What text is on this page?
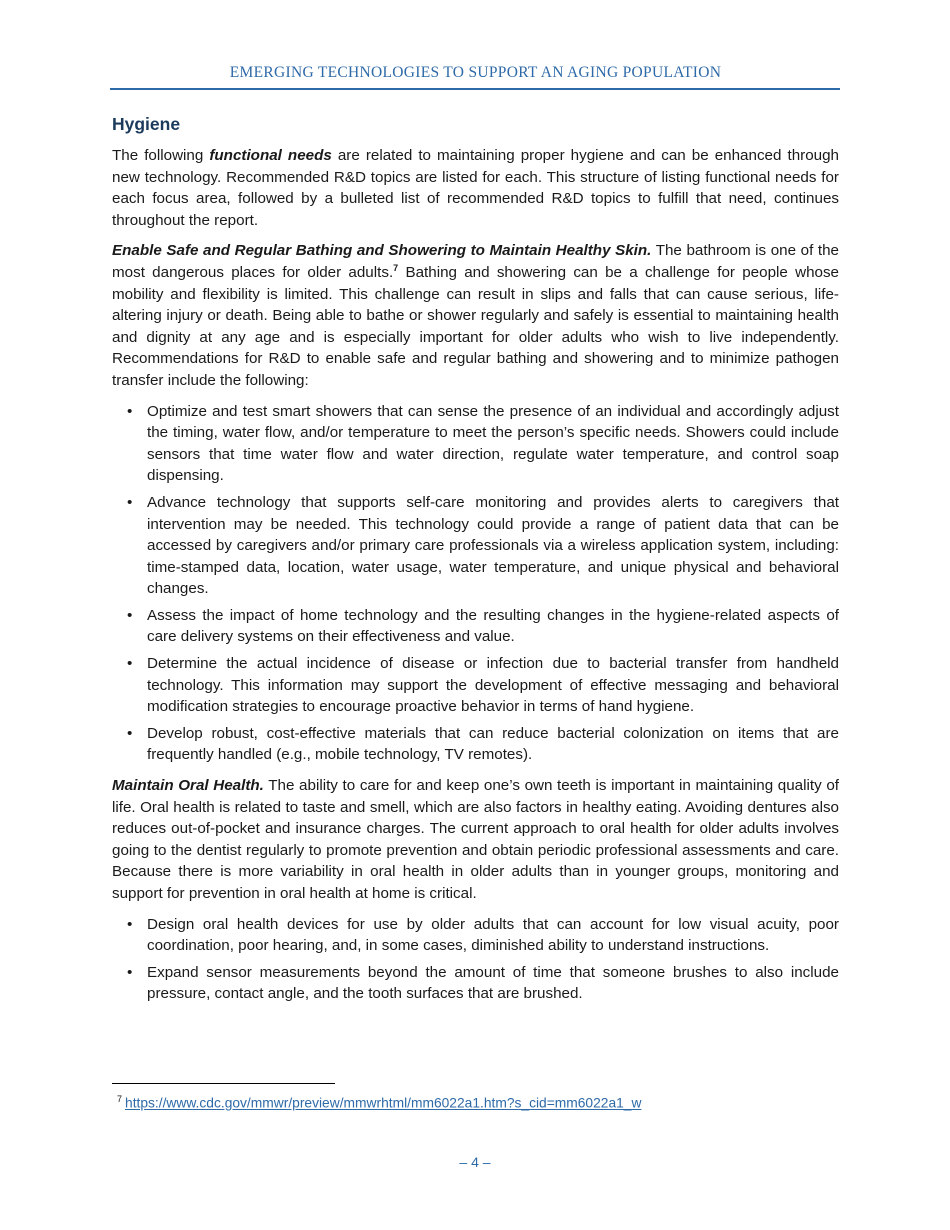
EMERGING TECHNOLOGIES TO SUPPORT AN AGING POPULATION
Hygiene

The following functional needs are related to maintaining proper hygiene and can be enhanced through new technology. Recommended R&D topics are listed for each. This structure of listing functional needs for each focus area, followed by a bulleted list of recommended R&D topics to fulfill that need, continues throughout the report.

Enable Safe and Regular Bathing and Showering to Maintain Healthy Skin. The bathroom is one of the most dangerous places for older adults.$^7$ Bathing and showering can be a challenge for people whose mobility and flexibility is limited. This challenge can result in slips and falls that can cause serious, life-altering injury or death. Being able to bathe or shower regularly and safely is essential to maintaining health and dignity at any age and is especially important for older adults who wish to live independently. Recommendations for R&D to enable safe and regular bathing and showering and to minimize pathogen transfer include the following:

• Optimize and test smart showers that can sense the presence of an individual and accordingly adjust the timing, water flow, and/or temperature to meet the person’s specific needs. Showers could include sensors that time water flow and water direction, regulate water temperature, and control soap dispensing.
• Advance technology that supports self-care monitoring and provides alerts to caregivers that intervention may be needed. This technology could provide a range of patient data that can be accessed by caregivers and/or primary care professionals via a wireless application system, including: time-stamped data, location, water usage, water temperature, and unique physical and behavioral changes.
• Assess the impact of home technology and the resulting changes in the hygiene-related aspects of care delivery systems on their effectiveness and value.
• Determine the actual incidence of disease or infection due to bacterial transfer from handheld technology. This information may support the development of effective messaging and behavioral modification strategies to encourage proactive behavior in terms of hand hygiene.
• Develop robust, cost-effective materials that can reduce bacterial colonization on items that are frequently handled (e.g., mobile technology, TV remotes).

Maintain Oral Health. The ability to care for and keep one’s own teeth is important in maintaining quality of life. Oral health is related to taste and smell, which are also factors in healthy eating. Avoiding dentures also reduces out-of-pocket and insurance charges. The current approach to oral health for older adults involves going to the dentist regularly to promote prevention and obtain periodic professional assessments and care. Because there is more variability in oral health in older adults than in younger groups, monitoring and support for prevention in oral health at home is critical.

• Design oral health devices for use by older adults that can account for low visual acuity, poor coordination, poor hearing, and, in some cases, diminished ability to understand instructions.
• Expand sensor measurements beyond the amount of time that someone brushes to also include pressure, contact angle, and the tooth surfaces that are brushed.
$^7$ https://www.cdc.gov/mmwr/preview/mmwrhtml/mm6022a1.htm?s_cid=mm6022a1_w
– 4 –
